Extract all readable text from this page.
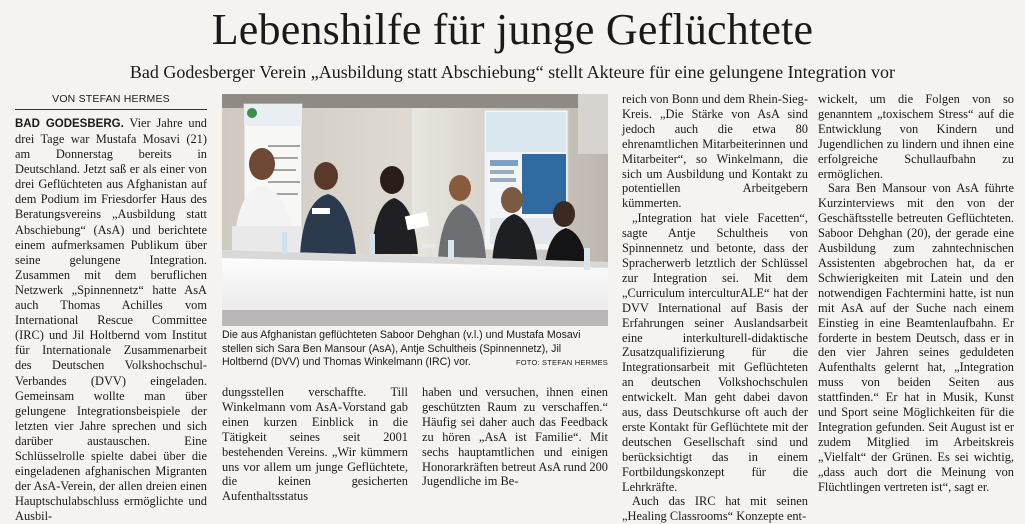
Lebenshilfe für junge Geflüchtete
Bad Godesberger Verein „Ausbildung statt Abschiebung“ stellt Akteure für eine gelungene Integration vor
VON STEFAN HERMES

BAD GODESBERG. Vier Jahre und drei Tage war Mustafa Mosavi (21) am Donnerstag bereits in Deutschland. Jetzt saß er als einer von drei Geflüchteten aus Afghanistan auf dem Podium im Friesdorfer Haus des Beratungsvereins „Ausbildung statt Abschiebung“ (AsA) und berichtete einem aufmerksamen Publikum über seine gelungene Integration. Zusammen mit dem beruflichen Netzwerk „Spinnennetz“ hatte AsA auch Thomas Achilles vom International Rescue Committee (IRC) und Jil Holtbernd vom Institut für Internationale Zusammenarbeit des Deutschen Volkshochschul-Verbandes (DVV) eingeladen. Gemeinsam wollte man über gelungene Integrationsbeispiele der letzten vier Jahre sprechen und sich darüber austauschen. Eine Schlüsselrolle spielte dabei über die eingeladenen afghanischen Migranten der AsA-Verein, der allen dreien einen Hauptschulabschluss ermöglichte und Ausbil-

Die aus Afghanistan geflüchteten Saboor Dehghan (v.l.) und Mustafa Mosavi stellen sich Sara Ben Mansour (AsA), Antje Schultheis (Spinnennetz), Jil Holtbernd (DVV) und Thomas Winkelmann (IRC) vor.	FOTO: STEFAN HERMES

dungsstellen verschaffte. Till Winkelmann vom AsA-Vorstand gab einen kurzen Einblick in die Tätigkeit seines seit 2001 bestehenden Vereins. „Wir kümmern uns vor allem um junge Geflüchtete, die keinen gesicherten Aufenthaltsstatus

haben und versuchen, ihnen einen geschützten Raum zu verschaffen.“ Häufig sei daher auch das Feedback zu hören „AsA ist Familie“. Mit sechs hauptamtlichen und einigen Honorarkräften betreut AsA rund 200 Jugendliche im Be-

reich von Bonn und dem Rhein-Sieg-Kreis. „Die Stärke von AsA sind jedoch auch die etwa 80 ehrenamtlichen Mitarbeiterinnen und Mitarbeiter“, so Winkelmann, die sich um Ausbildung und Kontakt zu potentiellen Arbeitgebern kümmerten.

„Integration hat viele Facetten“, sagte Antje Schultheis von Spinnennetz und betonte, dass der Spracherwerb letztlich der Schlüssel zur Integration sei. Mit dem „Curriculum interculturALE“ hat der DVV International auf Basis der Erfahrungen seiner Auslandsarbeit eine interkulturell-didaktische Zusatzqualifizierung für die Integrationsarbeit mit Geflüchteten an deutschen Volkshochschulen entwickelt. Man geht dabei davon aus, dass Deutschkurse oft auch der erste Kontakt für Geflüchtete mit der deutschen Gesellschaft sind und berücksichtigt das in einem Fortbildungskonzept für die Lehrkräfte.

Auch das IRC hat mit seinen „Healing Classrooms“ Konzepte ent-

wickelt, um die Folgen von so genanntem „toxischem Stress“ auf die Entwicklung von Kindern und Jugendlichen zu lindern und ihnen eine erfolgreiche Schullaufbahn zu ermöglichen.

Sara Ben Mansour von AsA führte Kurzinterviews mit den von der Geschäftsstelle betreuten Geflüchteten. Saboor Dehghan (20), der gerade eine Ausbildung zum zahntechnischen Assistenten abgebrochen hat, da er Schwierigkeiten mit Latein und den notwendigen Fachtermini hatte, ist nun mit AsA auf der Suche nach einem Einstieg in eine Beamtenlaufbahn. Er forderte in bestem Deutsch, dass er in den vier Jahren seines geduldeten Aufenthalts gelernt hat, „Integration muss von beiden Seiten aus stattfinden.“ Er hat in Musik, Kunst und Sport seine Möglichkeiten für die Integration gefunden. Seit August ist er zudem Mitglied im Arbeitskreis „Vielfalt“ der Grünen. Es sei wichtig, „dass auch dort die Meinung von Flüchtlingen vertreten ist“, sagt er.
